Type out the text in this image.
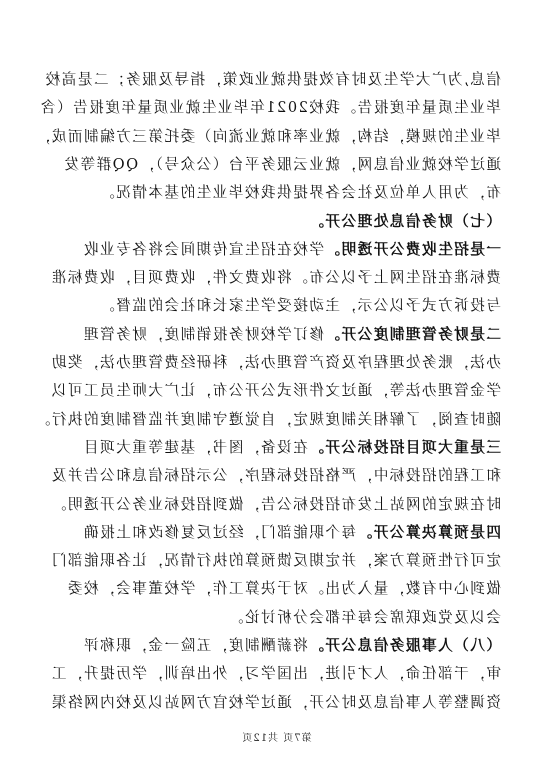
信息,为广大学生及时有效提供就业政策，指导及服务；二是高校
毕业生质量年度报告。我校2021年毕业生就业质量年度报告（含
毕业生的规模，结构，就业率和就业流向）委托第三方编制而成，
通过学校就业信息网，就业云服务平台（公众号），QQ群等发
布，为用人单位及社会各界提供我校毕业生的基本情况。
（七）财务信息处理公开。
一是招生收费公开透明。学校在招生宣传期间会将各专业收
费标准在招生网上予以公布。将收费文件，收费项目，收费标准
与投诉方式予以公示，主动接受学生家长和社会的监督。
二是财务管理制度公开。修订学校财务报销制度，财务管理
办法，账务处理程序及资产管理办法，科研经费管理办法，奖助
学金管理办法等，通过文件形式公开公布，让广大师生员工可以
随时查阅，了解相关制度规定，自觉遵守制度并监督制度的执行。
三是重大项目招投标公开。在设备，图书，基建等重大项目
和工程的招投标中，严格招投标程序，公示招标信息和公告并及
时在规定的网站上发布招投标公告，做到招投标业务公开透明。
四是预算决算公开。每个职能部门，经过反复修改和上报确
定可行性预算方案，并定期反馈预算的执行情况，让各职能部门
做到心中有数，量入为出。对于决算工作，学校董事会，校委
会以及党政联席会每年都会分析讨论。
（八）人事服务信息公开。将薪酬制度，五险一金，职称评
审，干部任命，人才引进，出国学习，外出培训，学历提升，工
资调整等人事信息及时公开，通过学校官方网站以及校内网络渠
第7页 共12页
